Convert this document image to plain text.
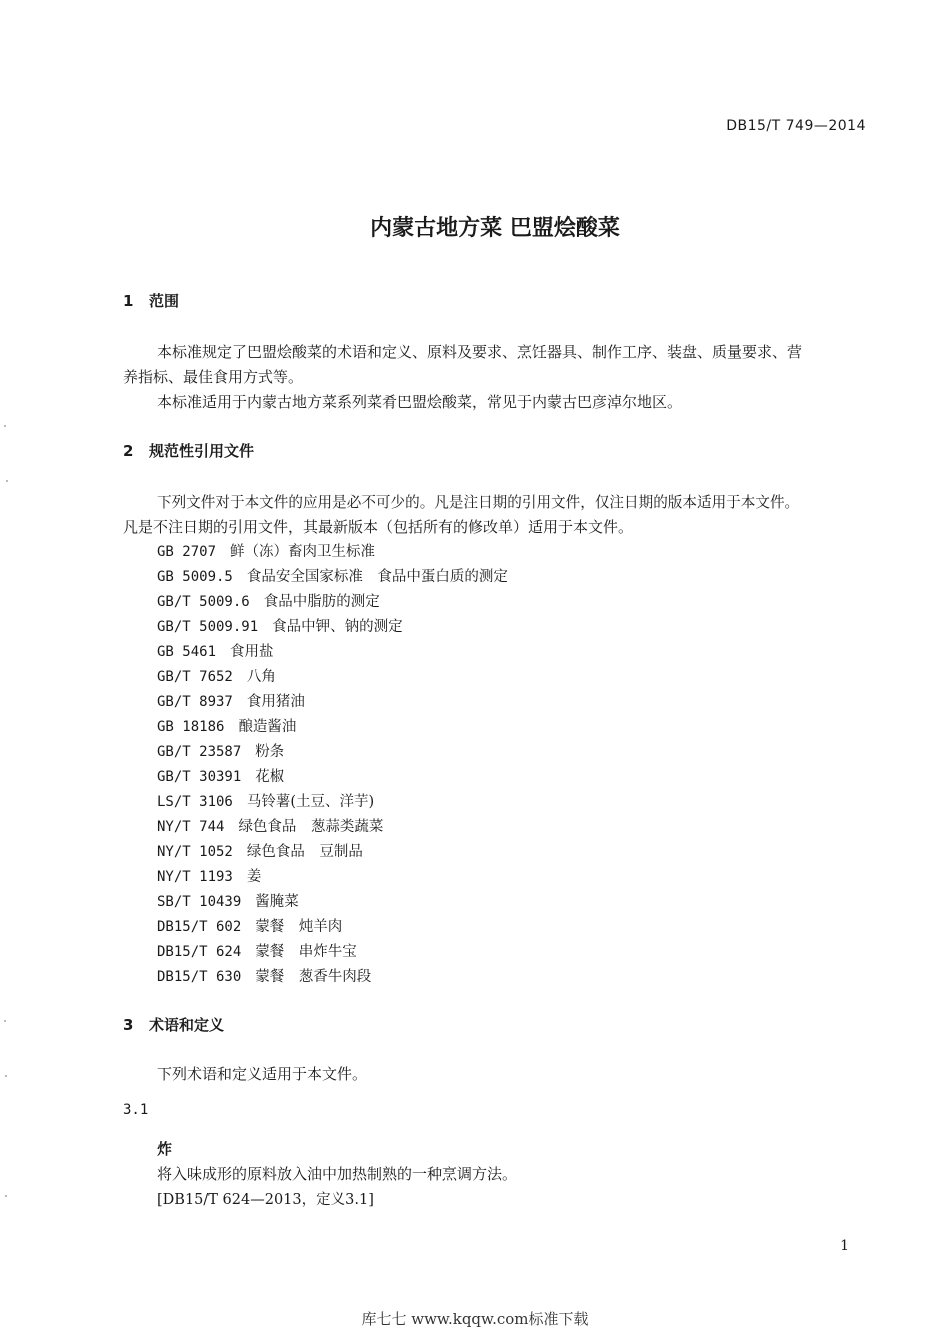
DB15/T 749—2014
内蒙古地方菜 巴盟烩酸菜
1 范围
本标准规定了巴盟烩酸菜的术语和定义、原料及要求、烹饪器具、制作工序、装盘、质量要求、营
养指标、最佳食用方式等。
本标准适用于内蒙古地方菜系列菜肴巴盟烩酸菜，常见于内蒙古巴彦淖尔地区。
2 规范性引用文件
下列文件对于本文件的应用是必不可少的。凡是注日期的引用文件，仅注日期的版本适用于本文件。
凡是不注日期的引用文件，其最新版本（包括所有的修改单）适用于本文件。
GB 2707 鲜（冻）畜肉卫生标准
GB 5009.5 食品安全国家标准　食品中蛋白质的测定
GB/T 5009.6 食品中脂肪的测定
GB/T 5009.91 食品中钾、钠的测定
GB 5461 食用盐
GB/T 7652 八角
GB/T 8937 食用猪油
GB 18186 酿造酱油
GB/T 23587 粉条
GB/T 30391 花椒
LS/T 3106 马铃薯(土豆、洋芋)
NY/T 744 绿色食品　葱蒜类蔬菜
NY/T 1052 绿色食品　豆制品
NY/T 1193 姜
SB/T 10439 酱腌菜
DB15/T 602 蒙餐　炖羊肉
DB15/T 624 蒙餐　串炸牛宝
DB15/T 630 蒙餐　葱香牛肉段
3 术语和定义
下列术语和定义适用于本文件。
3.1
炸
将入味成形的原料放入油中加热制熟的一种烹调方法。
[DB15/T 624—2013，定义3.1]
1
库七七 www.kqqw.com标准下载
